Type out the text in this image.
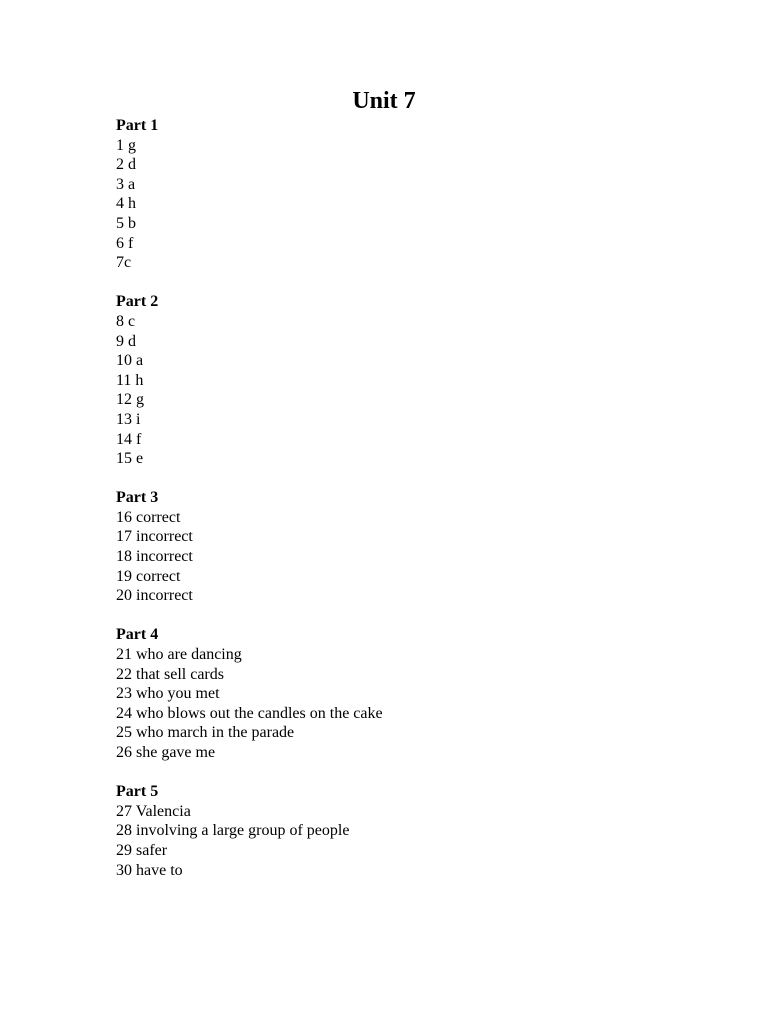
Unit 7
Part 1
1 g
2 d
3 a
4 h
5 b
6 f
7c
Part 2
8 c
9 d
10 a
11 h
12 g
13 i
14 f
15 e
Part 3
16 correct
17 incorrect
18 incorrect
19 correct
20 incorrect
Part 4
21 who are dancing
22 that sell cards
23 who you met
24 who blows out the candles on the cake
25 who march in the parade
26 she gave me
Part 5
27 Valencia
28 involving a large group of people
29 safer
30 have to
